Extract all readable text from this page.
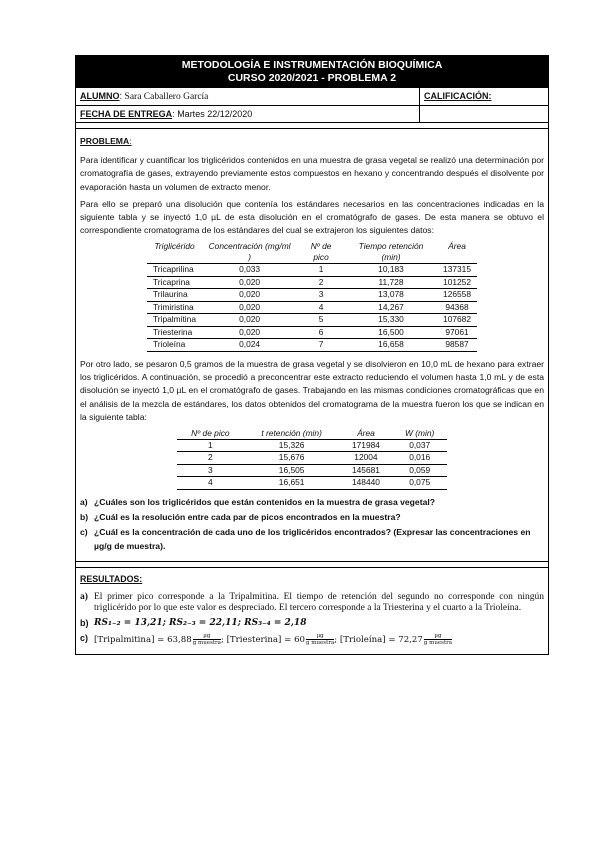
METODOLOGÍA E INSTRUMENTACIÓN BIOQUÍMICA
CURSO 2020/2021 - PROBLEMA 2
ALUMNO: Sara Caballero García	CALIFICACIÓN:
FECHA DE ENTREGA: Martes 22/12/2020

PROBLEMA:

Para identificar y cuantificar los triglicéridos contenidos en una muestra de grasa vegetal se realizó una determinación por cromatografía de gases, extrayendo previamente estos compuestos en hexano y concentrando después el disolvente por evaporación hasta un volumen de extracto menor.

Para ello se preparó una disolución que contenía los estándares necesarios en las concentraciones indicadas en la siguiente tabla y se inyectó 1,0 µL de esta disolución en el cromatógrafo de gases. De esta manera se obtuvo el correspondiente cromatograma de los estándares del cual se extrajeron los siguientes datos:

Triglicérido	Concentración (mg/ml )	Nº de pico	Tiempo retención (min)	Área
Tricaprilina	0,033	1	10,183	137315
Tricaprina	0,020	2	11,728	101252
Trilaurina	0,020	3	13,078	126558
Trimiristina	0,020	4	14,267	94368
Tripalmitina	0,020	5	15,330	107682
Triesterina	0,020	6	16,500	97061
Trioleína	0,024	7	16,658	98587

Por otro lado, se pesaron 0,5 gramos de la muestra de grasa vegetal y se disolvieron en 10,0 mL de hexano para extraer los triglicéridos. A continuación, se procedió a preconcentrar este extracto reduciendo el volumen hasta 1,0 mL y de esta disolución se inyectó 1,0 µL en el cromatógrafo de gases. Trabajando en las mismas condiciones cromatográficas que en el análisis de la mezcla de estándares, los datos obtenidos del cromatograma de la muestra fueron los que se indican en la siguiente tabla:

Nº de pico	t retención (min)	Área	W (min)
1	15,326	171984	0,037
2	15,676	12004	0,016
3	16,505	145681	0,059
4	16,651	148440	0,075
a) ¿Cuáles son los triglicéridos que están contenidos en la muestra de grasa vegetal?
b) ¿Cuál es la resolución entre cada par de picos encontrados en la muestra?
c) ¿Cuál es la concentración de cada uno de los triglicéridos encontrados? (Expresar las concentraciones en µg/g de muestra).
RESULTADOS:
a) El primer pico corresponde a la Tripalmitina. El tiempo de retención del segundo no corresponde con ningún triglicérido por lo que este valor es despreciado. El tercero corresponde a la Triesterina y el cuarto a la Trioleína.
b) RS₁₋₂ = 13,21; RS₂₋₃ = 22,11; RS₃₋₄ = 2,18
c) [Tripalmitina] = $63,88 \frac{\text{µg}}{\text{g muestra}}$ ; [Triesterina] = $60 \frac{\text{µg}}{\text{g muestra}}$ ; [Trioleína] = $72,27 \frac{\text{µg}}{\text{g muestra}}$
